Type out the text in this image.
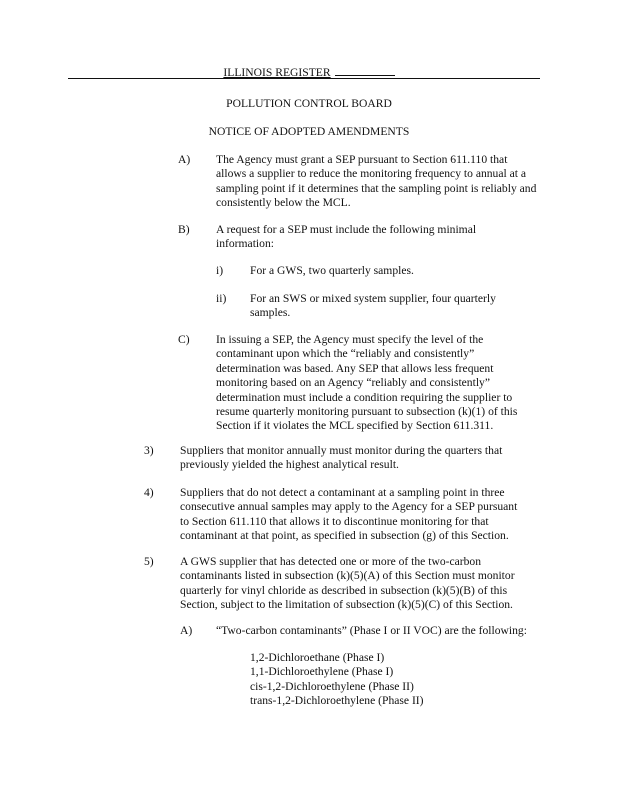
ILLINOIS REGISTER
POLLUTION CONTROL BOARD
NOTICE OF ADOPTED AMENDMENTS
A) The Agency must grant a SEP pursuant to Section 611.110 that allows a supplier to reduce the monitoring frequency to annual at a sampling point if it determines that the sampling point is reliably and consistently below the MCL.
B) A request for a SEP must include the following minimal information:
i) For a GWS, two quarterly samples.
ii) For an SWS or mixed system supplier, four quarterly samples.
C) In issuing a SEP, the Agency must specify the level of the contaminant upon which the “reliably and consistently” determination was based. Any SEP that allows less frequent monitoring based on an Agency “reliably and consistently” determination must include a condition requiring the supplier to resume quarterly monitoring pursuant to subsection (k)(1) of this Section if it violates the MCL specified by Section 611.311.
3) Suppliers that monitor annually must monitor during the quarters that previously yielded the highest analytical result.
4) Suppliers that do not detect a contaminant at a sampling point in three consecutive annual samples may apply to the Agency for a SEP pursuant to Section 611.110 that allows it to discontinue monitoring for that contaminant at that point, as specified in subsection (g) of this Section.
5) A GWS supplier that has detected one or more of the two-carbon contaminants listed in subsection (k)(5)(A) of this Section must monitor quarterly for vinyl chloride as described in subsection (k)(5)(B) of this Section, subject to the limitation of subsection (k)(5)(C) of this Section.
A) “Two-carbon contaminants” (Phase I or II VOC) are the following:
1,2-Dichloroethane (Phase I)
1,1-Dichloroethylene (Phase I)
cis-1,2-Dichloroethylene (Phase II)
trans-1,2-Dichloroethylene (Phase II)
